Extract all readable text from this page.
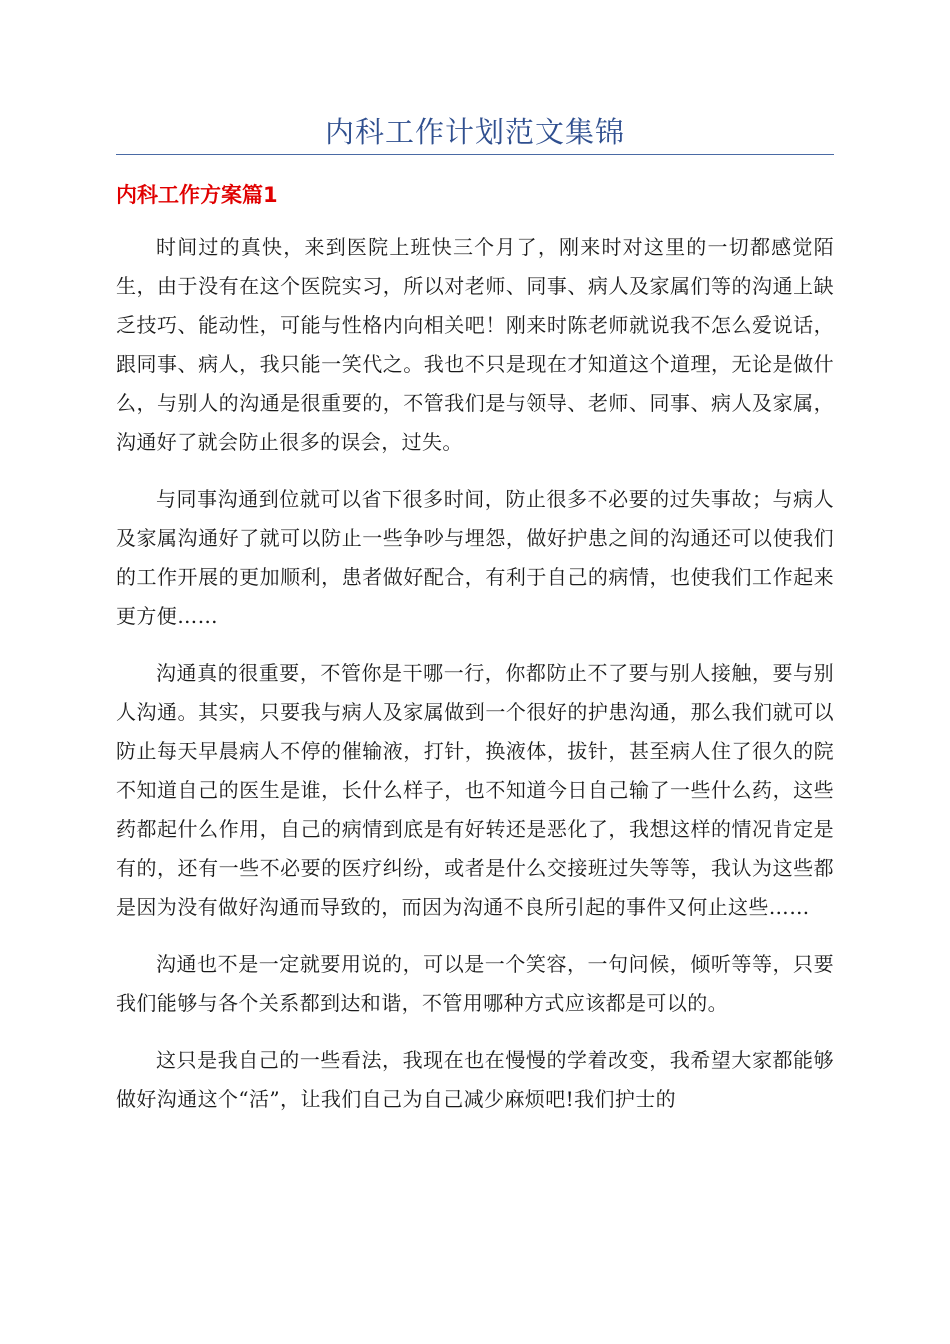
内科工作计划范文集锦
内科工作方案篇1

时间过的真快，来到医院上班快三个月了，刚来时对这里的一切都感觉陌生，由于没有在这个医院实习，所以对老师、同事、病人及家属们等的沟通上缺乏技巧、能动性，可能与性格内向相关吧！刚来时陈老师就说我不怎么爱说话，跟同事、病人，我只能一笑代之。我也不只是现在才知道这个道理，无论是做什么，与别人的沟通是很重要的，不管我们是与领导、老师、同事、病人及家属，沟通好了就会防止很多的误会，过失。

与同事沟通到位就可以省下很多时间，防止很多不必要的过失事故；与病人及家属沟通好了就可以防止一些争吵与埋怨，做好护患之间的沟通还可以使我们的工作开展的更加顺利，患者做好配合，有利于自己的病情，也使我们工作起来更方便……

沟通真的很重要，不管你是干哪一行，你都防止不了要与别人接触，要与别人沟通。其实，只要我与病人及家属做到一个很好的护患沟通，那么我们就可以防止每天早晨病人不停的催输液，打针，换液体，拔针，甚至病人住了很久的院不知道自己的医生是谁，长什么样子，也不知道今日自己输了一些什么药，这些药都起什么作用，自己的病情到底是有好转还是恶化了，我想这样的情况肯定是有的，还有一些不必要的医疗纠纷，或者是什么交接班过失等等，我认为这些都是因为没有做好沟通而导致的，而因为沟通不良所引起的事件又何止这些……

沟通也不是一定就要用说的，可以是一个笑容，一句问候，倾听等等，只要我们能够与各个关系都到达和谐，不管用哪种方式应该都是可以的。

这只是我自己的一些看法，我现在也在慢慢的学着改变，我希望大家都能够做好沟通这个“活”，让我们自己为自己减少麻烦吧!我们护士的
